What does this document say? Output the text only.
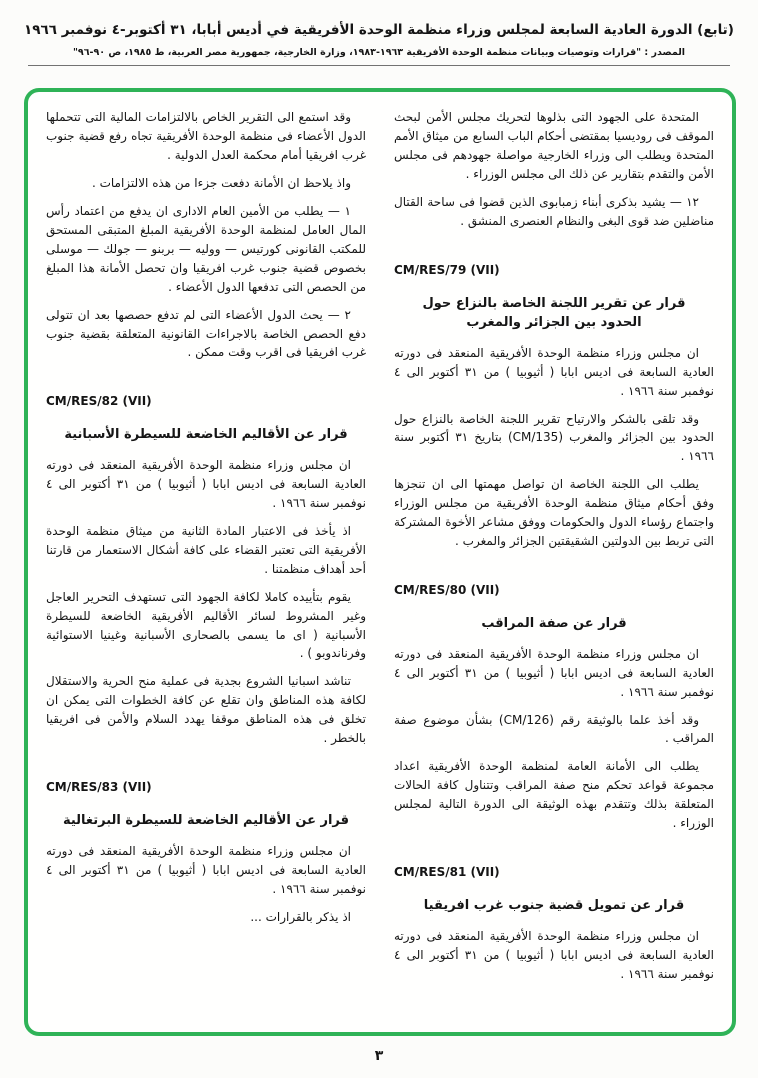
(تابع) الدورة العادية السابعة لمجلس وزراء منظمة الوحدة الأفريقية في أديس أبابا، ٣١ أكتوبر-٤ نوفمبر ١٩٦٦
المصدر : "قرارات وتوصيات وبيانات منظمة الوحدة الأفريقية ١٩٦٣-١٩٨٣، وزارة الخارجية، جمهورية مصر العربية، ط ١٩٨٥، ص ٩٠-٩٦"
المتحدة على الجهود التى بذلوها لتحريك مجلس الأمن لبحث الموقف فى روديسيا بمقتضى أحكام الباب السابع من ميثاق الأمم المتحدة ويطلب الى وزراء الخارجية مواصلة جهودهم فى مجلس الأمن والتقدم بتقارير عن ذلك الى مجلس الوزراء .
١٢ — يشيد بذكرى أبناء زمبابوى الذين قضوا فى ساحة القتال مناضلين ضد قوى البغى والنظام العنصرى المنشق .
CM/RES/79 (VII)
قرار عن تقرير اللجنة الخاصة بالنزاع حول الحدود بين الجزائر والمغرب
ان مجلس وزراء منظمة الوحدة الأفريقية المنعقد فى دورته العادية السابعة فى اديس ابابا ( أثيوبيا ) من ٣١ أكتوبر الى ٤ نوفمبر سنة ١٩٦٦ .
وقد تلقى بالشكر والارتياح تقرير اللجنة الخاصة بالنزاع حول الحدود بين الجزائر والمغرب (CM/135) بتاريخ ٣١ أكتوبر سنة ١٩٦٦ .
يطلب الى اللجنة الخاصة ان تواصل مهمتها الى ان تنجزها وفق أحكام ميثاق منظمة الوحدة الأفريقية من مجلس الوزراء واجتماع رؤساء الدول والحكومات ووفق مشاعر الأخوة المشتركة التى تربط بين الدولتين الشقيقتين الجزائر والمغرب .
CM/RES/80 (VII)
قرار عن صفة المراقب
ان مجلس وزراء منظمة الوحدة الأفريقية المنعقد فى دورته العادية السابعة فى اديس ابابا ( أثيوبيا ) من ٣١ أكتوبر الى ٤ نوفمبر سنة ١٩٦٦ .
وقد أخذ علما بالوثيقة رقم (CM/126) بشأن موضوع صفة المراقب .
يطلب الى الأمانة العامة لمنظمة الوحدة الأفريقية اعداد مجموعة قواعد تحكم منح صفة المراقب وتتناول كافة الحالات المتعلقة بذلك وتتقدم بهذه الوثيقة الى الدورة التالية لمجلس الوزراء .
CM/RES/81 (VII)
قرار عن تمويل قضية جنوب غرب افريقيا
ان مجلس وزراء منظمة الوحدة الأفريقية المنعقد فى دورته العادية السابعة فى اديس ابابا ( أثيوبيا ) من ٣١ أكتوبر الى ٤ نوفمبر سنة ١٩٦٦ .
وقد استمع الى التقرير الخاص بالالتزامات المالية التى تتحملها الدول الأعضاء فى منظمة الوحدة الأفريقية تجاه رفع قضية جنوب غرب افريقيا أمام محكمة العدل الدولية .
واذ يلاحظ ان الأمانة دفعت جزءا من هذه الالتزامات .
١ — يطلب من الأمين العام الادارى ان يدفع من اعتماد رأس المال العامل لمنظمة الوحدة الأفريقية المبلغ المتبقى المستحق للمكتب القانونى كورتيس — ووليه — بربنو — جولك — موسلى بخصوص قضية جنوب غرب افريقيا وان تحصل الأمانة هذا المبلغ من الحصص التى تدفعها الدول الأعضاء .
٢ — يحث الدول الأعضاء التى لم تدفع حصصها بعد ان تتولى دفع الحصص الخاصة بالاجراءات القانونية المتعلقة بقضية جنوب غرب افريقيا فى اقرب وقت ممكن .
CM/RES/82 (VII)
قرار عن الأقاليم الخاضعة للسيطرة الأسبانية
ان مجلس وزراء منظمة الوحدة الأفريقية المنعقد فى دورته العادية السابعة فى اديس ابابا ( أثيوبيا ) من ٣١ أكتوبر الى ٤ نوفمبر سنة ١٩٦٦ .
اذ يأخذ فى الاعتبار المادة الثانية من ميثاق منظمة الوحدة الأفريقية التى تعتبر القضاء على كافة أشكال الاستعمار من قارتنا أحد أهداف منظمتنا .
يقوم بتأييده كاملا لكافة الجهود التى تستهدف التحرير العاجل وغير المشروط لسائر الأقاليم الأفريقية الخاضعة للسيطرة الأسبانية ( اى ما يسمى بالصحارى الأسبانية وغينيا الاستوائية وفرناندوبو ) .
تناشد اسبانيا الشروع بجدية فى عملية منح الحرية والاستقلال لكافة هذه المناطق وان تقلع عن كافة الخطوات التى يمكن ان تخلق فى هذه المناطق موقفا يهدد السلام والأمن فى افريقيا بالخطر .
CM/RES/83 (VII)
قرار عن الأقاليم الخاضعة للسيطرة البرتغالية
ان مجلس وزراء منظمة الوحدة الأفريقية المنعقد فى دورته العادية السابعة فى اديس ابابا ( أثيوبيا ) من ٣١ أكتوبر الى ٤ نوفمبر سنة ١٩٦٦ .
اذ يذكر بالقرارات ...
٣
